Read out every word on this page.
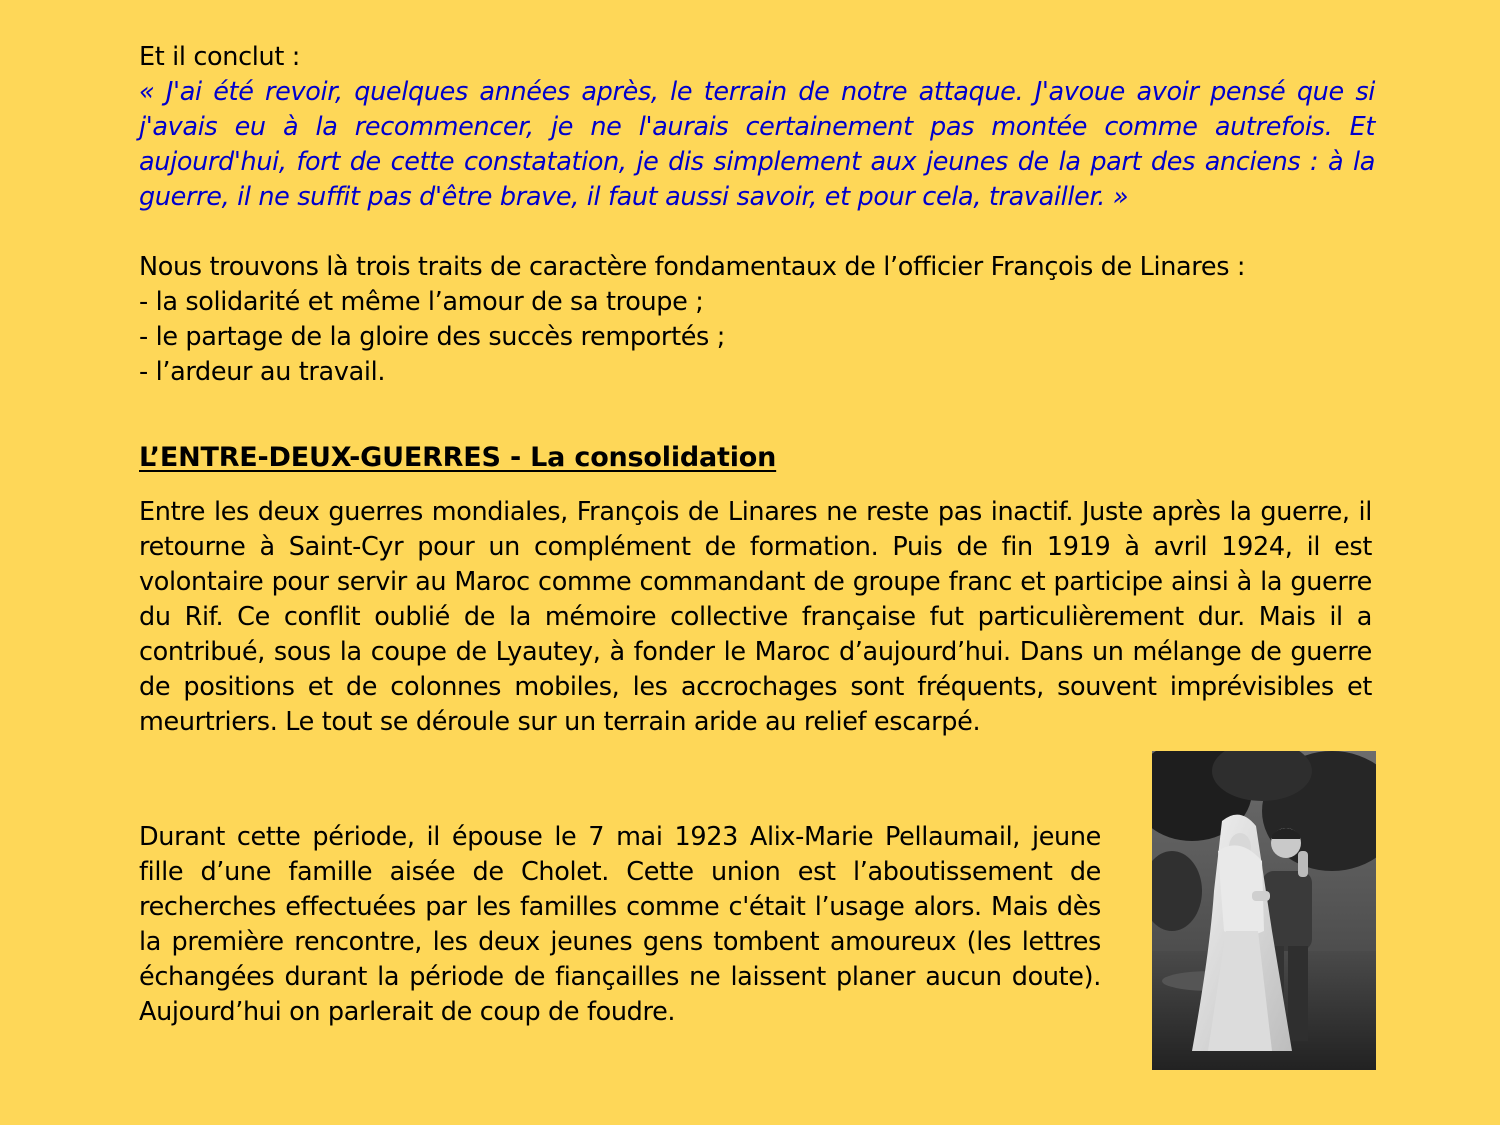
Et il conclut :

« J'ai été revoir, quelques années après, le terrain de notre attaque. J'avoue avoir pensé que si j'avais eu à la recommencer, je ne l'aurais certainement pas montée comme autrefois. Et aujourd'hui, fort de cette constatation, je dis simplement aux jeunes de la part des anciens : à la guerre, il ne suffit pas d'être brave, il faut aussi savoir, et pour cela, travailler. »

Nous trouvons là trois traits de caractère fondamentaux de l’officier François de Linares :
- la solidarité et même l’amour de sa troupe ;
- le partage de la gloire des succès remportés ;
- l’ardeur au travail.
L’ENTRE-DEUX-GUERRES - La consolidation

Entre les deux guerres mondiales, François de Linares ne reste pas inactif. Juste après la guerre, il retourne à Saint-Cyr pour un complément de formation. Puis de fin 1919 à avril 1924, il est volontaire pour servir au Maroc comme commandant de groupe franc et participe ainsi à la guerre du Rif. Ce conflit oublié de la mémoire collective française fut particulièrement dur. Mais il a contribué, sous la coupe de Lyautey, à fonder le Maroc d’aujourd’hui. Dans un mélange de guerre de positions et de colonnes mobiles, les accrochages sont fréquents, souvent imprévisibles et meurtriers. Le tout se déroule sur un terrain aride au relief escarpé.

Durant cette période, il épouse le 7 mai 1923 Alix-Marie Pellaumail, jeune fille d’une famille aisée de Cholet. Cette union est l’aboutissement de recherches effectuées par les familles comme c'était l’usage alors. Mais dès la première rencontre, les deux jeunes gens tombent amoureux (les lettres échangées durant la période de fiançailles ne laissent planer aucun doute). Aujourd’hui on parlerait de coup de foudre.
